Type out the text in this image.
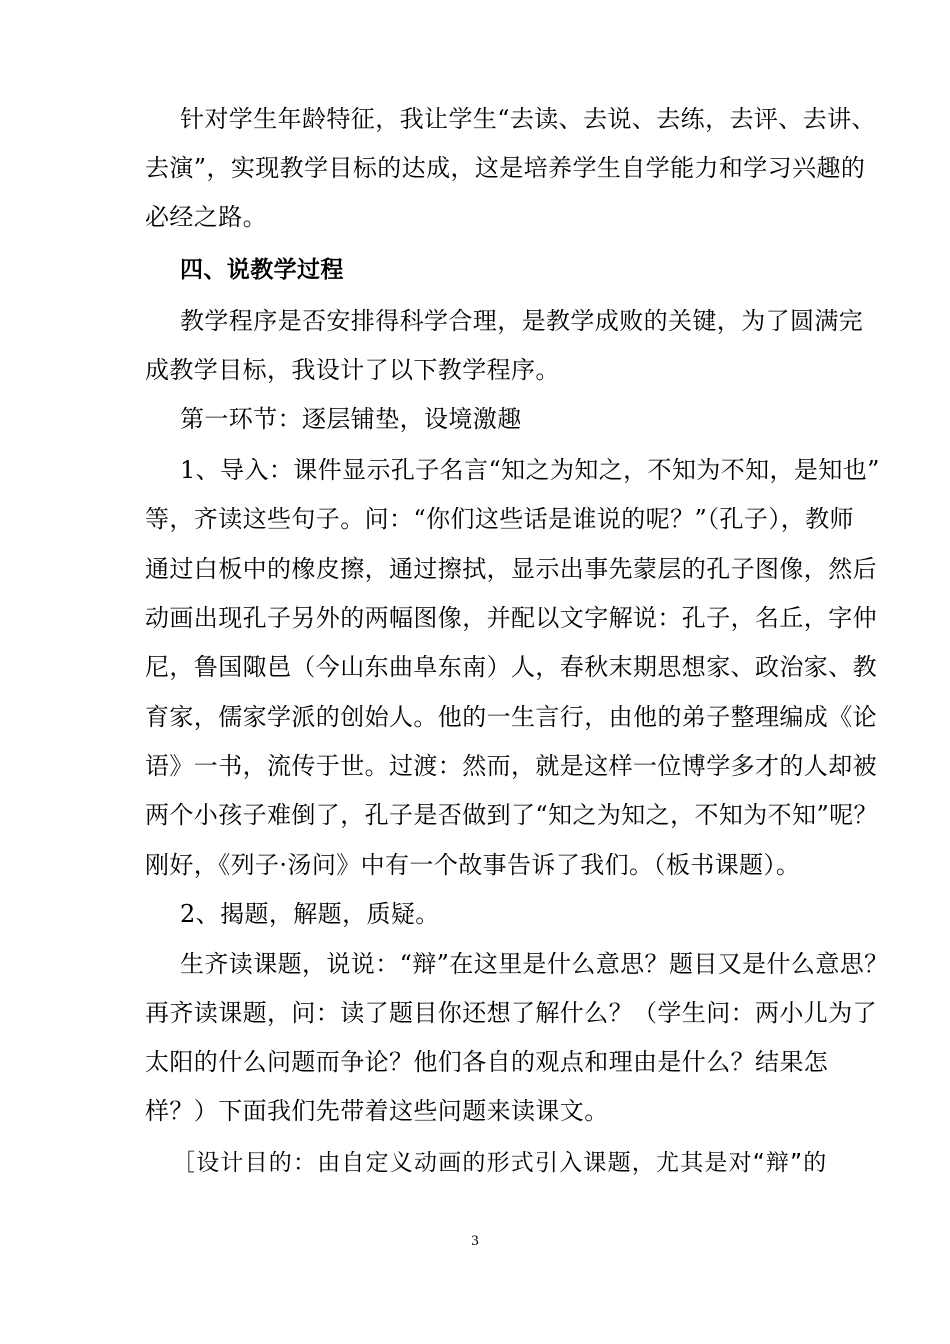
针对学生年龄特征，我让学生“去读、去说、去练，去评、去讲、
去演”，实现教学目标的达成，这是培养学生自学能力和学习兴趣的
必经之路。
四、说教学过程
教学程序是否安排得科学合理，是教学成败的关键，为了圆满完
成教学目标，我设计了以下教学程序。
第一环节：逐层铺垫，设境激趣
1、导入：课件显示孔子名言“知之为知之，不知为不知，是知也”
等，齐读这些句子。问：“你们这些话是谁说的呢？”（孔子），教师
通过白板中的橡皮擦，通过擦拭，显示出事先蒙层的孔子图像，然后
动画出现孔子另外的两幅图像，并配以文字解说：孔子，名丘，字仲
尼，鲁国陬邑（今山东曲阜东南）人，春秋末期思想家、政治家、教
育家，儒家学派的创始人。他的一生言行，由他的弟子整理编成《论
语》一书，流传于世。过渡：然而，就是这样一位博学多才的人却被
两个小孩子难倒了，孔子是否做到了“知之为知之，不知为不知”呢？
刚好，《列子·汤问》中有一个故事告诉了我们。（板书课题）。
2、揭题，解题，质疑。
生齐读课题，说说：“辩”在这里是什么意思？题目又是什么意思？
再齐读课题，问：读了题目你还想了解什么？（学生问：两小儿为了
太阳的什么问题而争论？他们各自的观点和理由是什么？结果怎
样？）下面我们先带着这些问题来读课文。
［设计目的：由自定义动画的形式引入课题，尤其是对“辩”的
3
